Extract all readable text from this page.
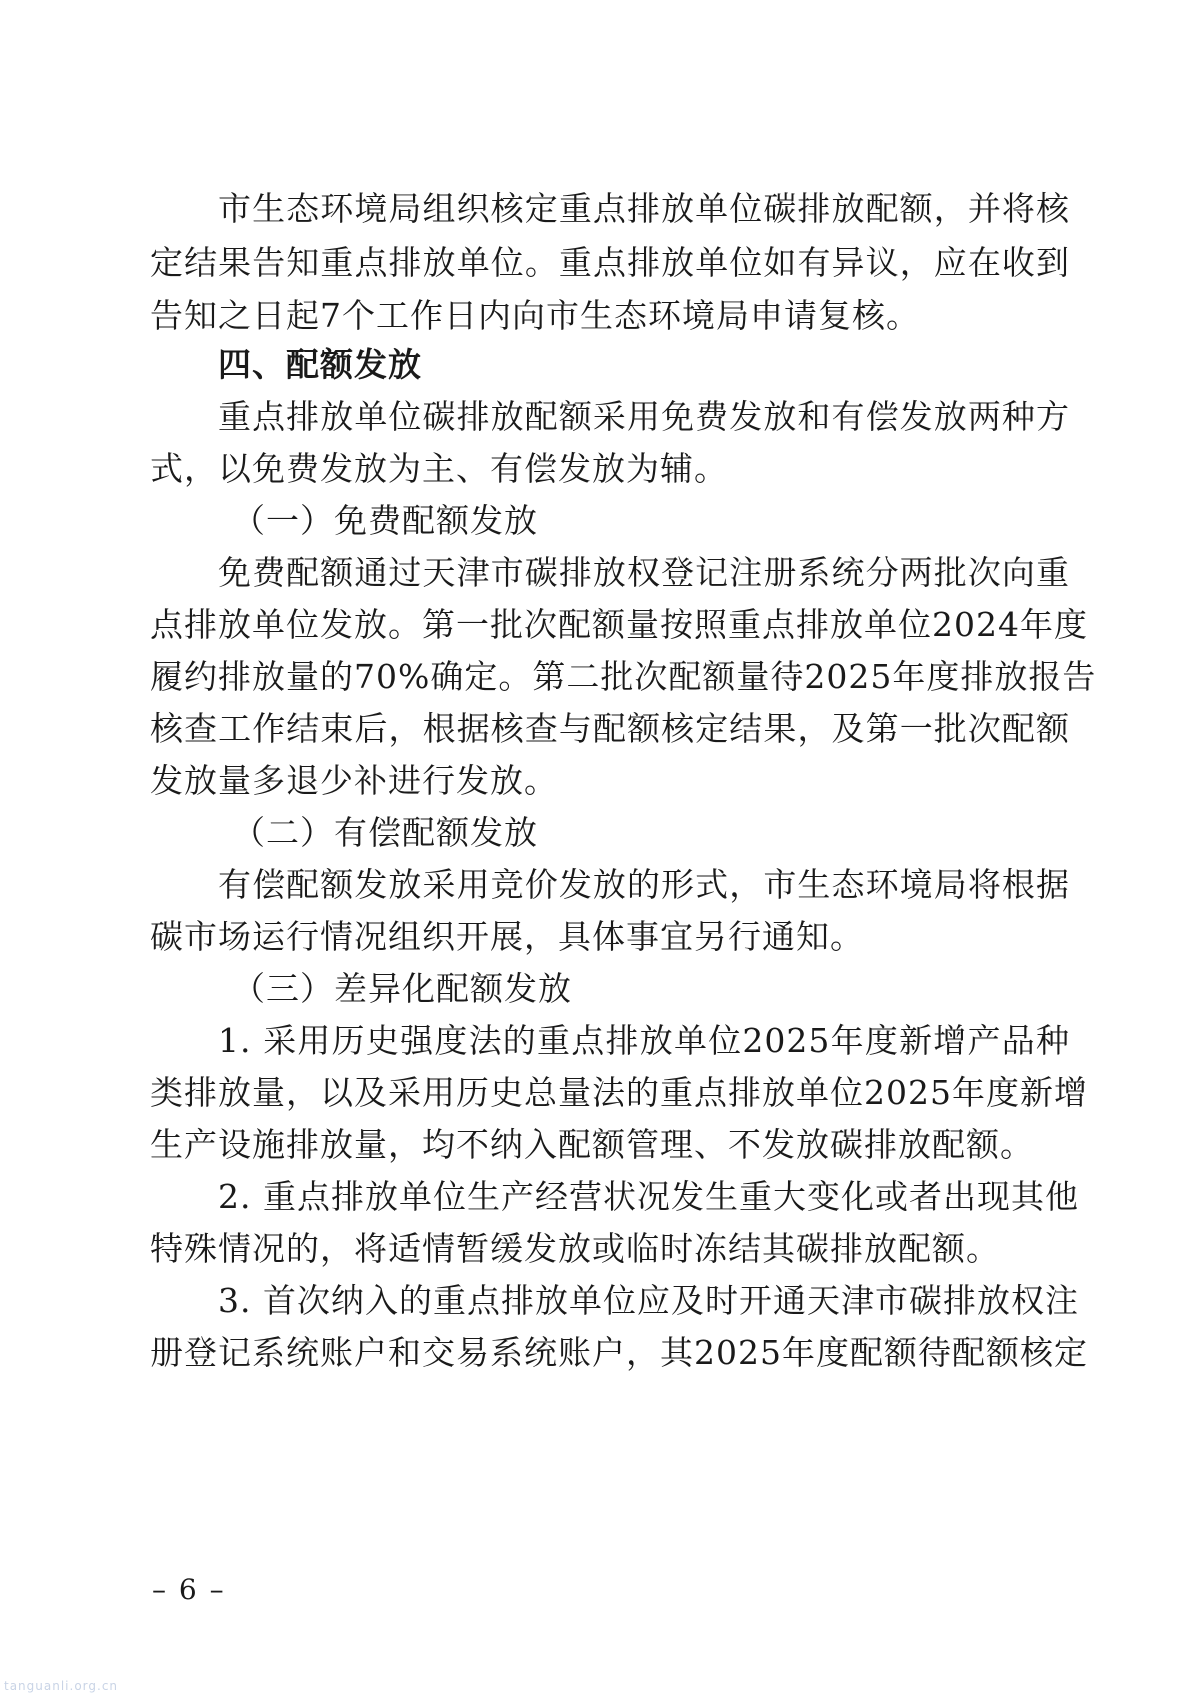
市生态环境局组织核定重点排放单位碳排放配额，并将核
定结果告知重点排放单位。重点排放单位如有异议，应在收到
告知之日起7个工作日内向市生态环境局申请复核。
四、配额发放
重点排放单位碳排放配额采用免费发放和有偿发放两种方
式，以免费发放为主、有偿发放为辅。
（一）免费配额发放
免费配额通过天津市碳排放权登记注册系统分两批次向重
点排放单位发放。第一批次配额量按照重点排放单位2024年度
履约排放量的70%确定。第二批次配额量待2025年度排放报告
核查工作结束后，根据核查与配额核定结果，及第一批次配额
发放量多退少补进行发放。
（二）有偿配额发放
有偿配额发放采用竞价发放的形式，市生态环境局将根据
碳市场运行情况组织开展，具体事宜另行通知。
（三）差异化配额发放
1. 采用历史强度法的重点排放单位2025年度新增产品种
类排放量，以及采用历史总量法的重点排放单位2025年度新增
生产设施排放量，均不纳入配额管理、不发放碳排放配额。
2. 重点排放单位生产经营状况发生重大变化或者出现其他
特殊情况的，将适情暂缓发放或临时冻结其碳排放配额。
3. 首次纳入的重点排放单位应及时开通天津市碳排放权注
册登记系统账户和交易系统账户，其2025年度配额待配额核定
– 6 –
tanguanli.org.cn
